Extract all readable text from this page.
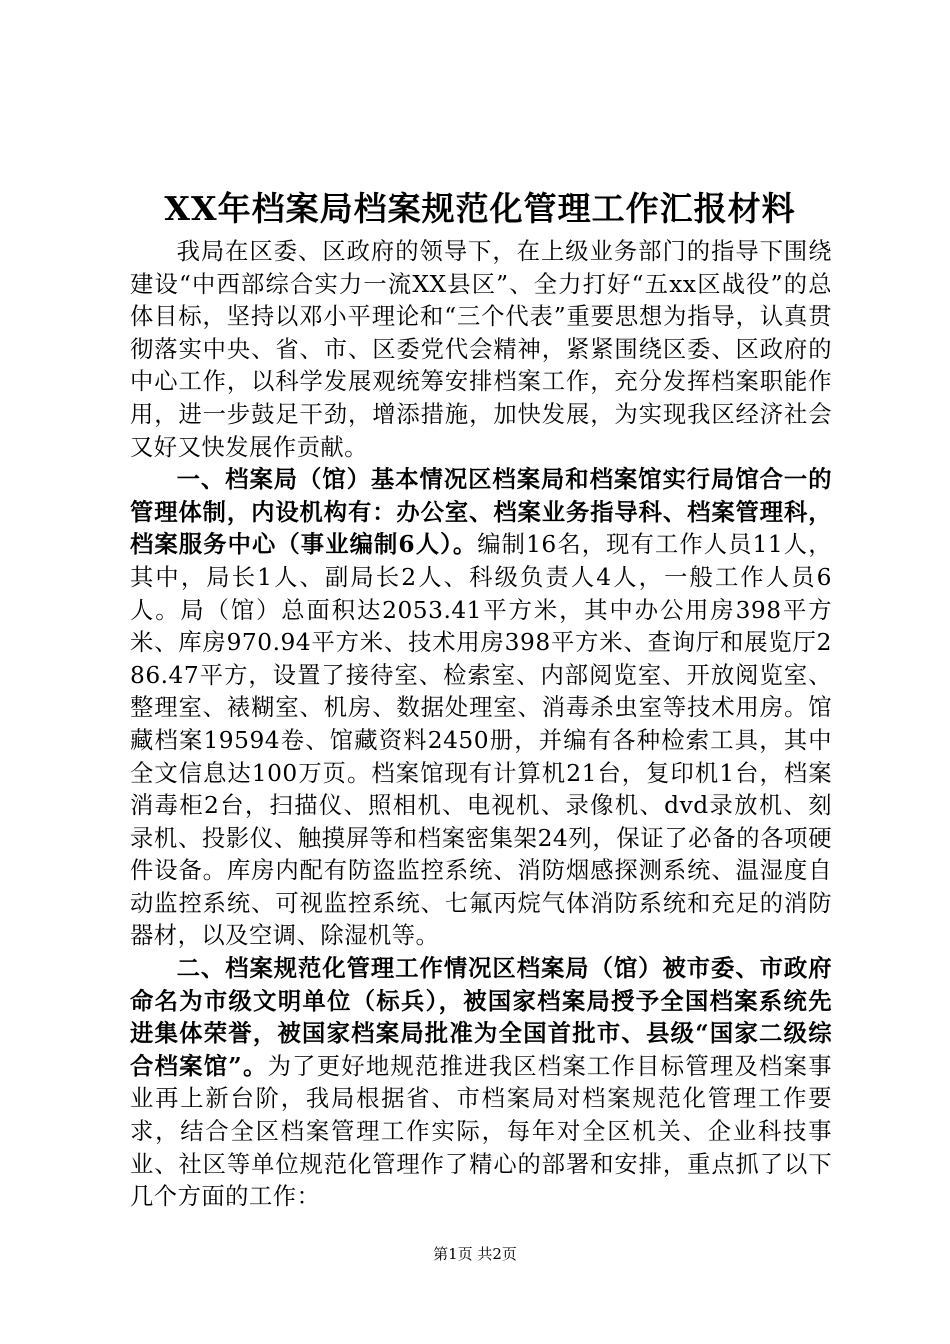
XX年档案局档案规范化管理工作汇报材料

我局在区委、区政府的领导下，在上级业务部门的指导下围绕建设“中西部综合实力一流XX县区”、全力打好“五xx区战役”的总体目标，坚持以邓小平理论和“三个代表”重要思想为指导，认真贯彻落实中央、省、市、区委党代会精神，紧紧围绕区委、区政府的中心工作，以科学发展观统筹安排档案工作，充分发挥档案职能作用，进一步鼓足干劲，增添措施，加快发展，为实现我区经济社会又好又快发展作贡献。

一、档案局（馆）基本情况区档案局和档案馆实行局馆合一的管理体制，内设机构有：办公室、档案业务指导科、档案管理科，档案服务中心（事业编制6人）。编制16名，现有工作人员11人，其中，局长1人、副局长2人、科级负责人4人，一般工作人员6人。局（馆）总面积达2053.41平方米，其中办公用房398平方米、库房970.94平方米、技术用房398平方米、查询厅和展览厅286.47平方，设置了接待室、检索室、内部阅览室、开放阅览室、整理室、裱糊室、机房、数据处理室、消毒杀虫室等技术用房。馆藏档案19594卷、馆藏资料2450册，并编有各种检索工具，其中全文信息达100万页。档案馆现有计算机21台，复印机1台，档案消毒柜2台，扫描仪、照相机、电视机、录像机、dvd录放机、刻录机、投影仪、触摸屏等和档案密集架24列，保证了必备的各项硬件设备。库房内配有防盗监控系统、消防烟感探测系统、温湿度自动监控系统、可视监控系统、七氟丙烷气体消防系统和充足的消防器材，以及空调、除湿机等。

二、档案规范化管理工作情况区档案局（馆）被市委、市政府命名为市级文明单位（标兵），被国家档案局授予全国档案系统先进集体荣誉，被国家档案局批准为全国首批市、县级“国家二级综合档案馆”。为了更好地规范推进我区档案工作目标管理及档案事业再上新台阶，我局根据省、市档案局对档案规范化管理工作要求，结合全区档案管理工作实际，每年对全区机关、企业科技事业、社区等单位规范化管理作了精心的部署和安排，重点抓了以下几个方面的工作：

第1页 共2页
